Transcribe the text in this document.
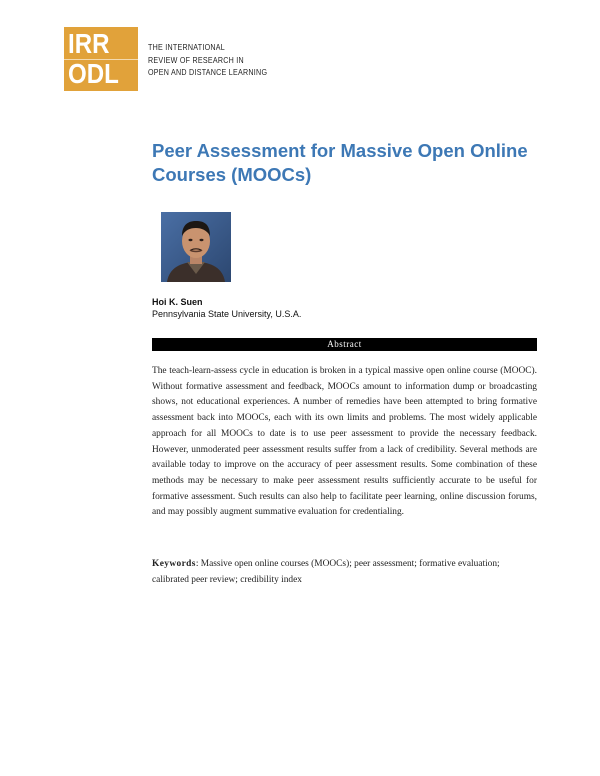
IRR
ODL
THE INTERNATIONAL
REVIEW OF RESEARCH IN
OPEN AND DISTANCE LEARNING
Peer Assessment for Massive Open Online Courses (MOOCs)
Hoi K. Suen
Pennsylvania State University, U.S.A.
Abstract
The teach-learn-assess cycle in education is broken in a typical massive open online course (MOOC). Without formative assessment and feedback, MOOCs amount to information dump or broadcasting shows, not educational experiences. A number of remedies have been attempted to bring formative assessment back into MOOCs, each with its own limits and problems. The most widely applicable approach for all MOOCs to date is to use peer assessment to provide the necessary feedback. However, unmoderated peer assessment results suffer from a lack of credibility. Several methods are available today to improve on the accuracy of peer assessment results. Some combination of these methods may be necessary to make peer assessment results sufficiently accurate to be useful for formative assessment. Such results can also help to facilitate peer learning, online discussion forums, and may possibly augment summative evaluation for credentialing.
Keywords: Massive open online courses (MOOCs); peer assessment; formative evaluation; calibrated peer review; credibility index
